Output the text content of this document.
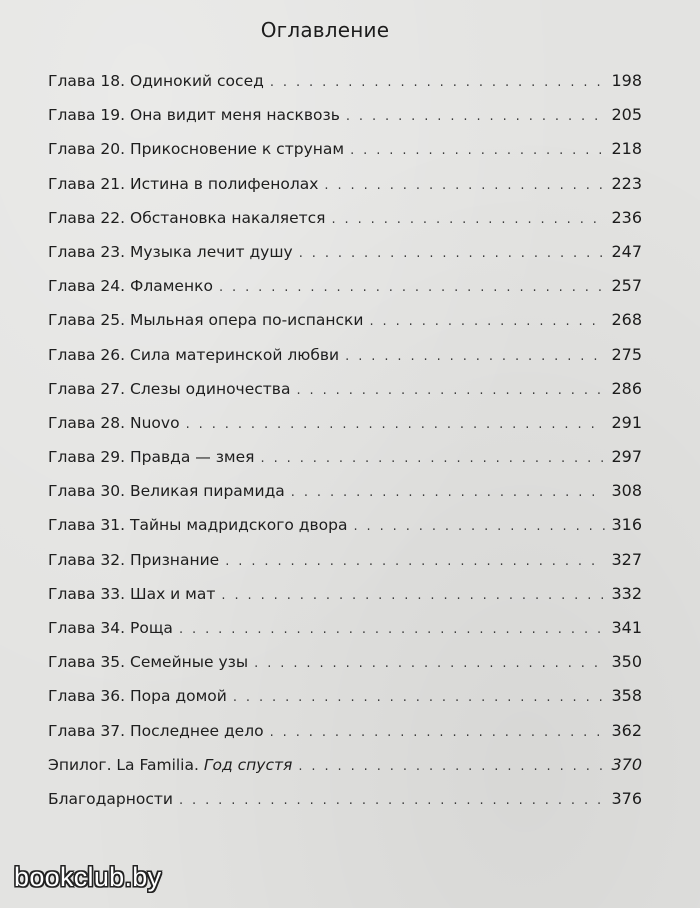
Оглавление
Глава 18. Одинокий сосед . . .	198
Глава 19. Она видит меня насквозь . . .	205
Глава 20. Прикосновение к струнам . . .	218
Глава 21. Истина в полифенолах . . .	223
Глава 22. Обстановка накаляется . . .	236
Глава 23. Музыка лечит душу . . .	247
Глава 24. Фламенко . . .	257
Глава 25. Мыльная опера по-испански . . .	268
Глава 26. Сила материнской любви . . .	275
Глава 27. Слезы одиночества . . .	286
Глава 28. Nuovo . . .	291
Глава 29. Правда — змея . . .	297
Глава 30. Великая пирамида . . .	308
Глава 31. Тайны мадридского двора . . .	316
Глава 32. Признание . . .	327
Глава 33. Шах и мат . . .	332
Глава 34. Роща . . .	341
Глава 35. Семейные узы . . .	350
Глава 36. Пора домой . . .	358
Глава 37. Последнее дело . . .	362
Эпилог. La Familia. Год спустя . . .	370
Благодарности . . .	376
bookclub.by
